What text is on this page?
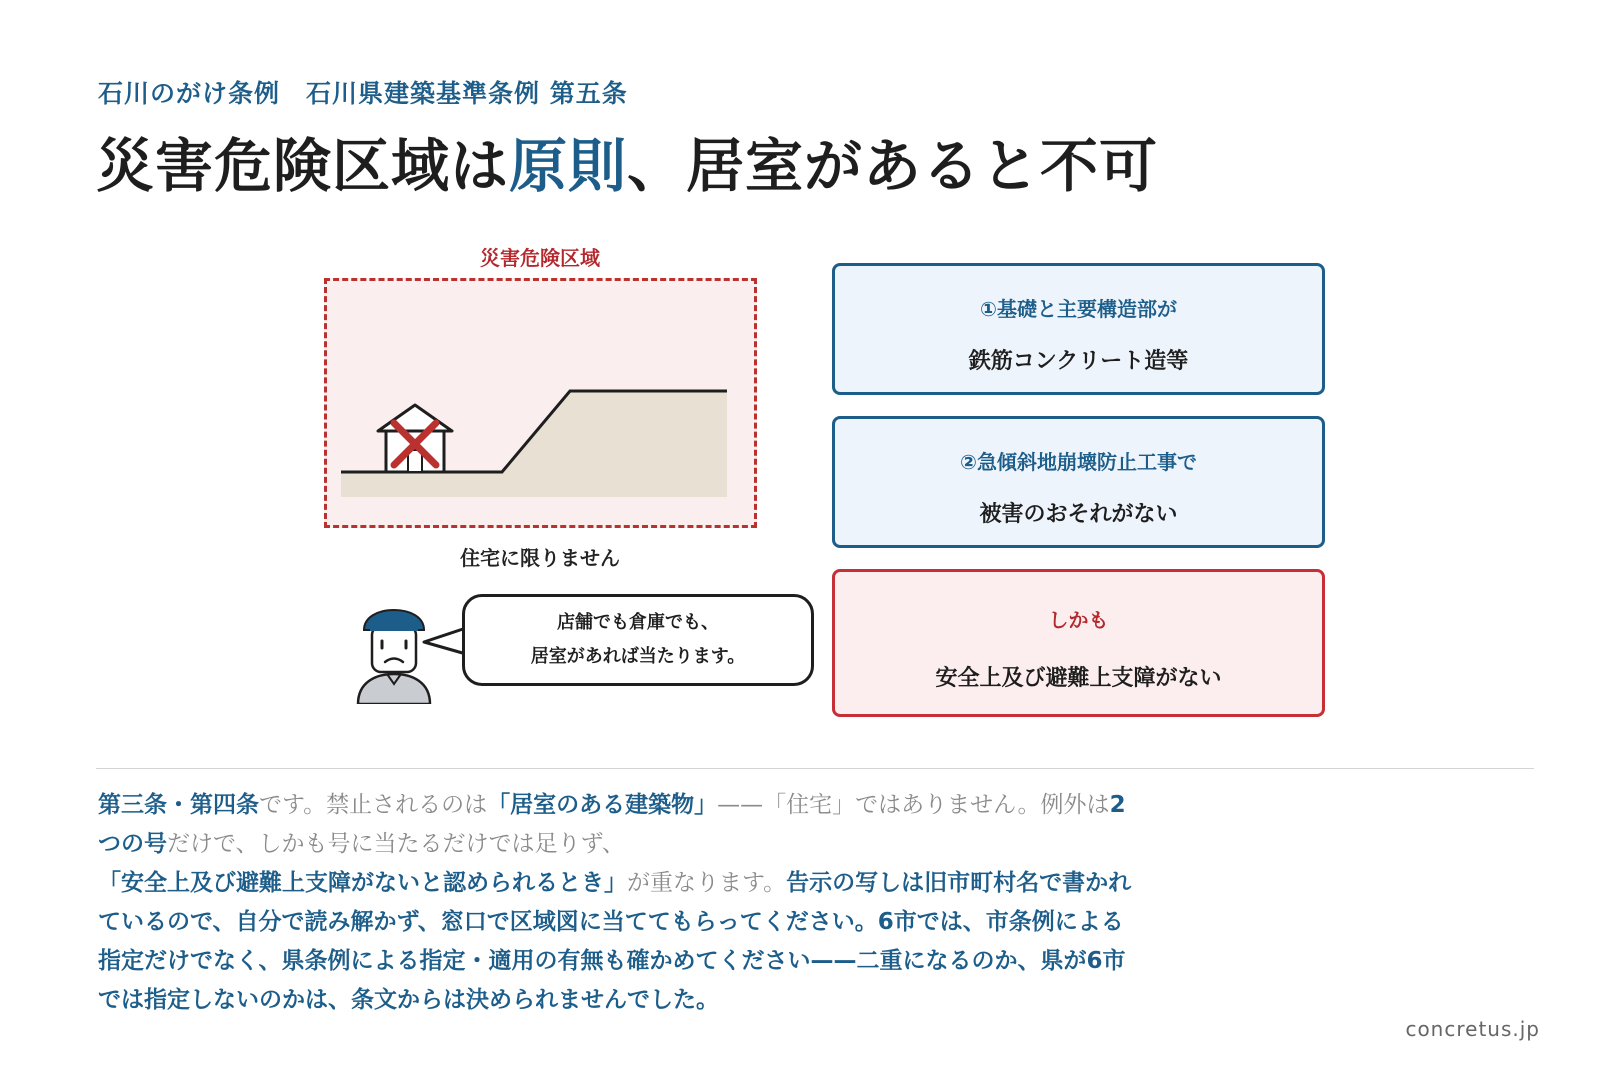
石川のがけ条例　石川県建築基準条例 第五条
災害危険区域は原則、居室があると不可
災害危険区域
住宅に限りません
店舗でも倉庫でも、
居室があれば当たります。
①基礎と主要構造部が
鉄筋コンクリート造等
②急傾斜地崩壊防止工事で
被害のおそれがない
しかも
安全上及び避難上支障がない
第三条・第四条です。禁止されるのは「居室のある建築物」——「住宅」ではありません。例外は2
つの号だけで、しかも号に当たるだけでは足りず、
「安全上及び避難上支障がないと認められるとき」が重なります。告示の写しは旧市町村名で書かれ
ているので、自分で読み解かず、窓口で区域図に当ててもらってください。6市では、市条例による
指定だけでなく、県条例による指定・適用の有無も確かめてください——二重になるのか、県が6市
では指定しないのかは、条文からは決められませんでした。
concretus.jp
